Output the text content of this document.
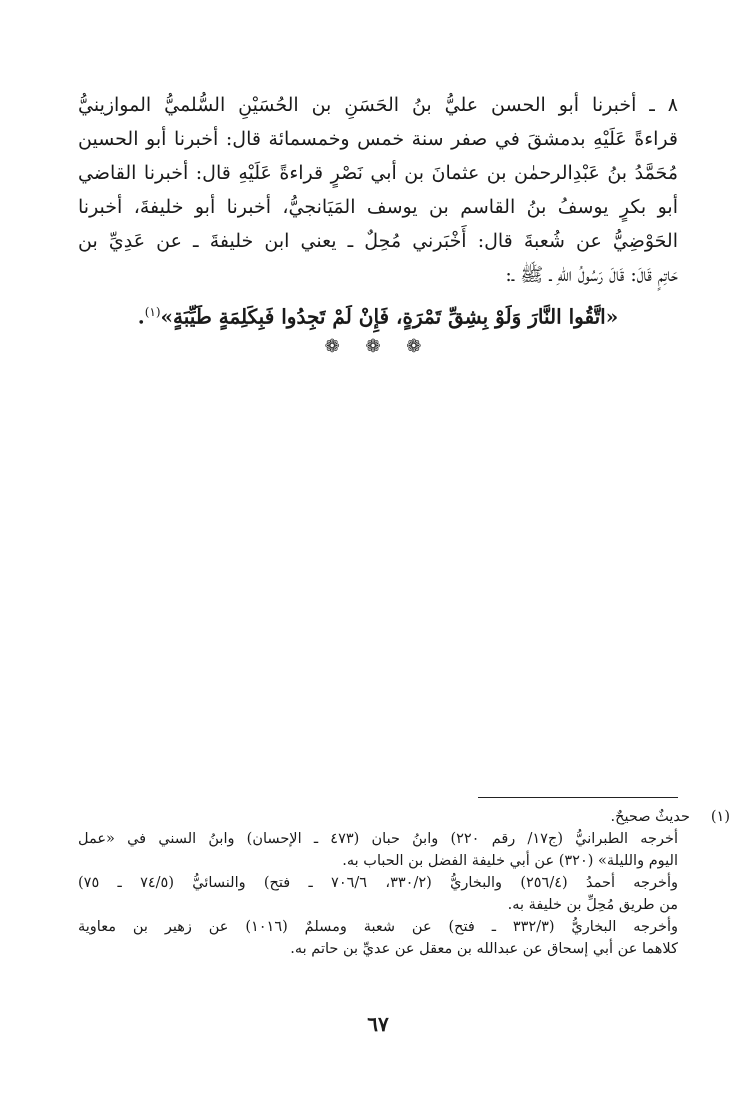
٨ ـ أخبرنا أبو الحسن عليُّ بنُ الحَسَنِ بن الحُسَيْنِ السُّلميُّ الموازينيُّ
قراءةً عَلَيْهِ بدمشقَ في صفر سنة خمس وخمسمائة قال: أخبرنا أبو الحسين
مُحَمَّدُ بنُ عَبْدِالرحمٰن بن عثمانَ بن أبي نَصْرٍ قراءةً عَلَيْهِ قال: أخبرنا القاضي
أبو بكرٍ يوسفُ بنُ القاسم بن يوسف المَيَانجيُّ، أخبرنا أبو خليفةَ، أخبرنا
الحَوْضِيُّ عن شُعبةَ قال: أَخْبَرني مُحِلٌ ـ يعني ابن خليفةَ ـ عن عَدِيِّ بن
حَاتِمٍ قَالَ: قَالَ رَسُولُ اللهِ ـ ﷺ ـ:
«اتَّقُوا النَّارَ وَلَوْ بِشِقِّ تَمْرَةٍ، فَإِنْ لَمْ تَجِدُوا فَبِكَلِمَةٍ طَيِّبَةٍ»$^{(١)}$.
❁ ❁ ❁
(١)
حديثٌ صحيحٌ.
أخرجه الطبرانيُّ (ج١٧/ رقم ٢٢٠) وابنُ حبان (٤٧٣ ـ الإحسان) وابنُ السني في «عمل
اليوم والليلة» (٣٢٠) عن أبي خليفة الفضل بن الحباب به.
وأخرجه أحمدُ (٢٥٦/٤) والبخاريُّ (٣٣٠/٢، ٧٠٦/٦ ـ فتح) والنسائيُّ (٧٤/٥ ـ ٧٥)
من طريق مُحِلِّ بن خليفة به.
وأخرجه البخاريُّ (٣٣٢/٣ ـ فتح) عن شعبة ومسلمٌ (١٠١٦) عن زهير بن معاوية
كلاهما عن أبي إسحاق عن عبدالله بن معقل عن عديِّ بن حاتم به.
٦٧
